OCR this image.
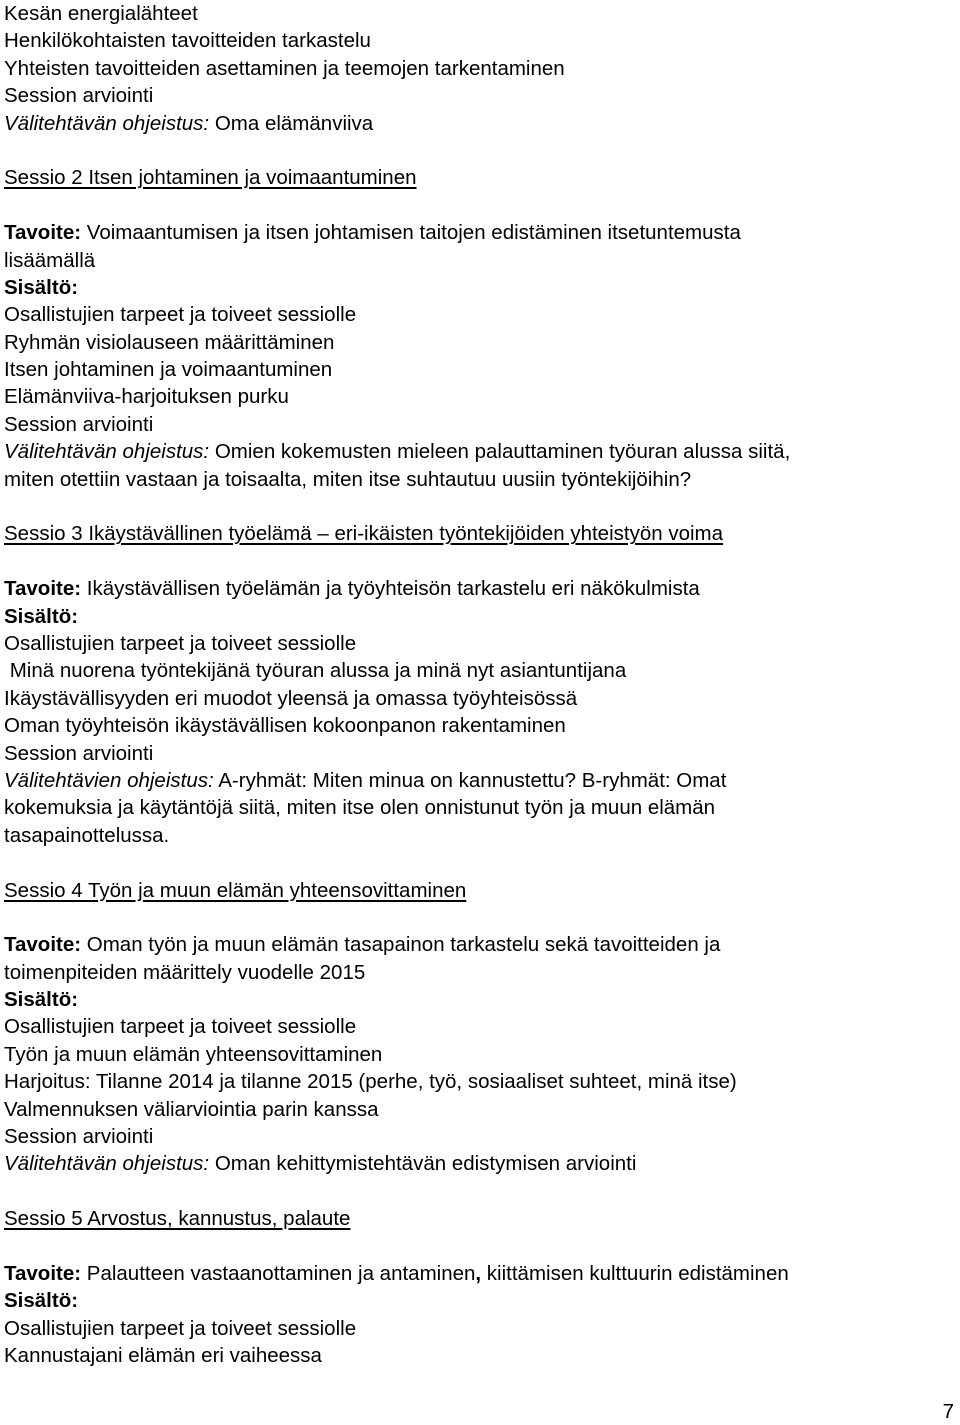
Kesän energialähteet
Henkilökohtaisten tavoitteiden tarkastelu
Yhteisten tavoitteiden asettaminen ja teemojen tarkentaminen
Session arviointi
Välitehtävän ohjeistus: Oma elämänviiva
Sessio 2 Itsen johtaminen ja voimaantuminen
Tavoite: Voimaantumisen ja itsen johtamisen taitojen edistäminen itsetuntemusta
lisäämällä
Sisältö:
Osallistujien tarpeet ja toiveet sessiolle
Ryhmän visiolauseen määrittäminen
Itsen johtaminen ja voimaantuminen
Elämänviiva-harjoituksen purku
Session arviointi
Välitehtävän ohjeistus: Omien kokemusten mieleen palauttaminen työuran alussa siitä,
miten otettiin vastaan ja toisaalta, miten itse suhtautuu uusiin työntekijöihin?
Sessio 3 Ikäystävällinen työelämä – eri-ikäisten työntekijöiden yhteistyön voima
Tavoite: Ikäystävällisen työelämän ja työyhteisön tarkastelu eri näkökulmista
Sisältö:
Osallistujien tarpeet ja toiveet sessiolle
Minä nuorena työntekijänä työuran alussa ja minä nyt asiantuntijana
Ikäystävällisyyden eri muodot yleensä ja omassa työyhteisössä
Oman työyhteisön ikäystävällisen kokoonpanon rakentaminen
Session arviointi
Välitehtävien ohjeistus: A-ryhmät: Miten minua on kannustettu? B-ryhmät: Omat
kokemuksia ja käytäntöjä siitä, miten itse olen onnistunut työn ja muun elämän
tasapainottelussa.
Sessio 4 Työn ja muun elämän yhteensovittaminen
Tavoite: Oman työn ja muun elämän tasapainon tarkastelu sekä tavoitteiden ja
toimenpiteiden määrittely vuodelle 2015
Sisältö:
Osallistujien tarpeet ja toiveet sessiolle
Työn ja muun elämän yhteensovittaminen
Harjoitus: Tilanne 2014 ja tilanne 2015 (perhe, työ, sosiaaliset suhteet, minä itse)
Valmennuksen väliarviointia parin kanssa
Session arviointi
Välitehtävän ohjeistus: Oman kehittymistehtävän edistymisen arviointi
Sessio 5 Arvostus, kannustus, palaute
Tavoite: Palautteen vastaanottaminen ja antaminen, kiittämisen kulttuurin edistäminen
Sisältö:
Osallistujien tarpeet ja toiveet sessiolle
Kannustajani elämän eri vaiheessa
7
